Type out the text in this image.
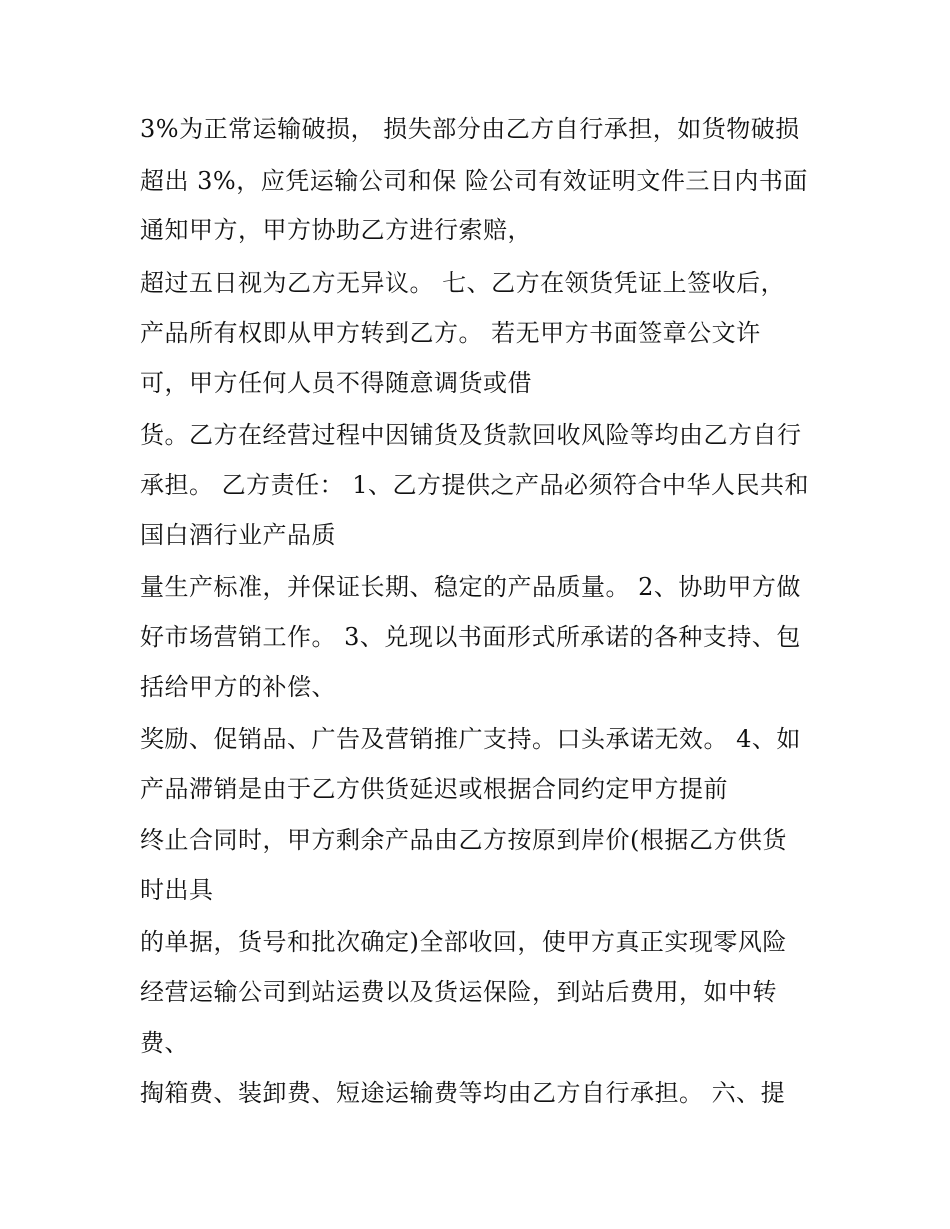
3%为正常运输破损， 损失部分由乙方自行承担，如货物破损

超出 3%，应凭运输公司和保 险公司有效证明文件三日内书面

通知甲方，甲方协助乙方进行索赔，

超过五日视为乙方无异议。 七、乙方在领货凭证上签收后，

产品所有权即从甲方转到乙方。 若无甲方书面签章公文许

可，甲方任何人员不得随意调货或借

货。乙方在经营过程中因铺货及货款回收风险等均由乙方自行

承担。 乙方责任： 1、乙方提供之产品必须符合中华人民共和

国白酒行业产品质

量生产标准，并保证长期、稳定的产品质量。 2、协助甲方做

好市场营销工作。 3、兑现以书面形式所承诺的各种支持、包

括给甲方的补偿、

奖励、促销品、广告及营销推广支持。口头承诺无效。 4、如

产品滞销是由于乙方供货延迟或根据合同约定甲方提前

终止合同时，甲方剩余产品由乙方按原到岸价(根据乙方供货

时出具

的单据，货号和批次确定)全部收回，使甲方真正实现零风险

经营运输公司到站运费以及货运保险，到站后费用，如中转

费、

掏箱费、装卸费、短途运输费等均由乙方自行承担。 六、提
